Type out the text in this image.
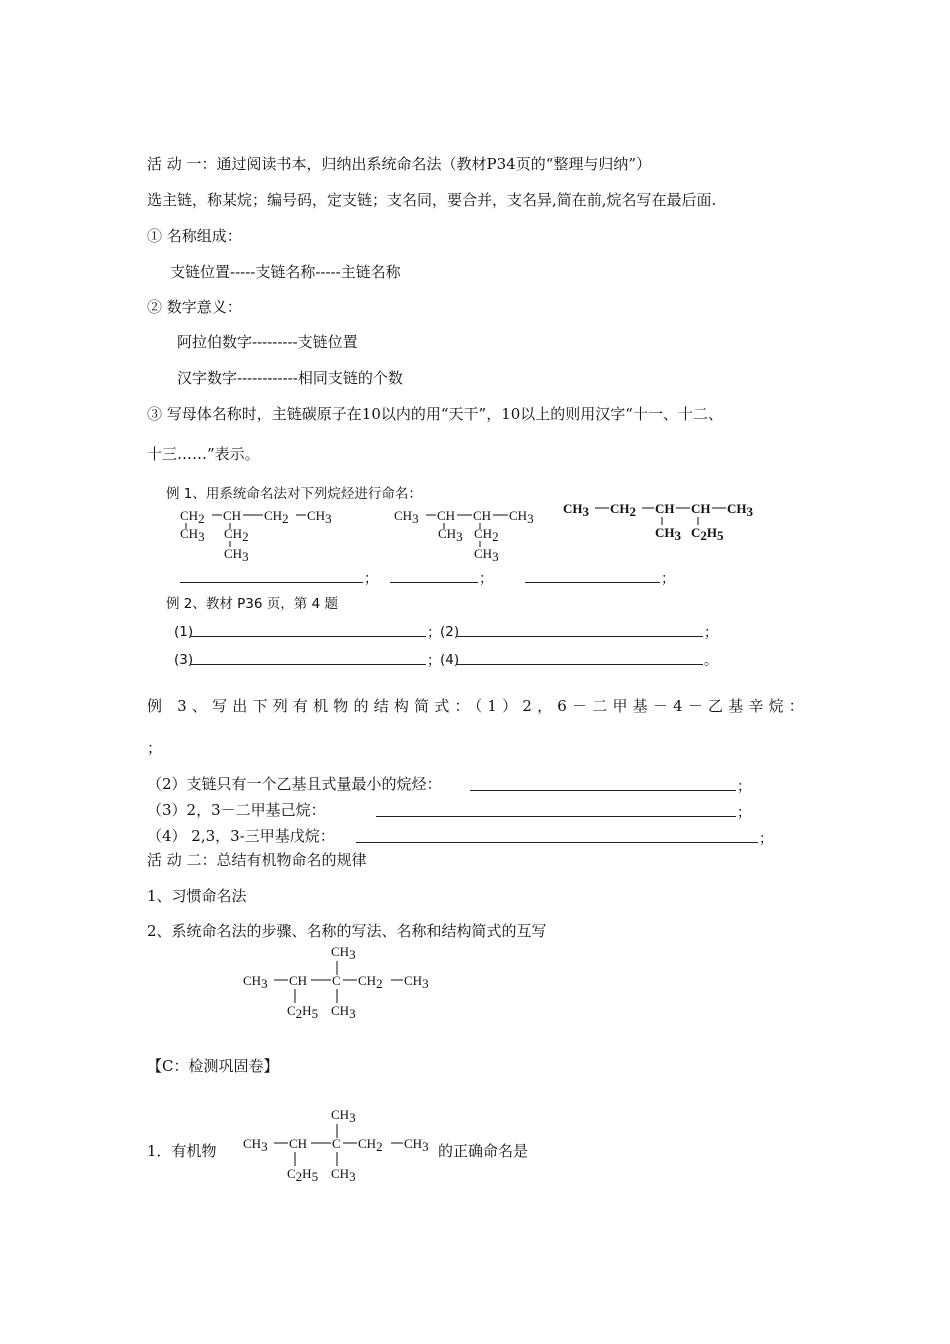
活 动 一：通过阅读书本，归纳出系统命名法（教材P34页的“整理与归纳”）
选主链，称某烷；编号码，定支链；支名同，要合并，支名异,简在前,烷名写在最后面.
① 名称组成：
支链位置-----支链名称-----主链名称
② 数字意义：
阿拉伯数字---------支链位置
汉字数字------------相同支链的个数
③ 写母体名称时，主链碳原子在10以内的用“天干”，10以上的则用汉字“十一、十二、
十三……”表示。
例 1、用系统命名法对下列烷烃进行命名：
CH2 CH CH2 CH3
CH3 CH2
CH3
CH3 CH CH CH3
CH3 CH2
CH3
CH3 CH2 CH CH CH3
CH3 C2H5
；	；	；
例 2、教材 P36 页，第 4 题
(1)	； (2)	；
(3)	； (4)	。
例 3、写出下列有机物的结构简式：（1）2，6－二甲基－4－乙基辛烷：
；
（2）支链只有一个乙基且式量最小的烷烃：	；
（3）2，3－二甲基己烷：	；
（4） 2,3，3-三甲基戊烷：	；
活 动 二：总结有机物命名的规律
1、习惯命名法
2、系统命名法的步骤、名称的写法、名称和结构简式的互写
CH3
CH3 CH C CH2 CH3
C2H5 CH3
【C：检测巩固卷】
1．有机物
CH3
CH3 CH C CH2 CH3
C2H5 CH3
的正确命名是
